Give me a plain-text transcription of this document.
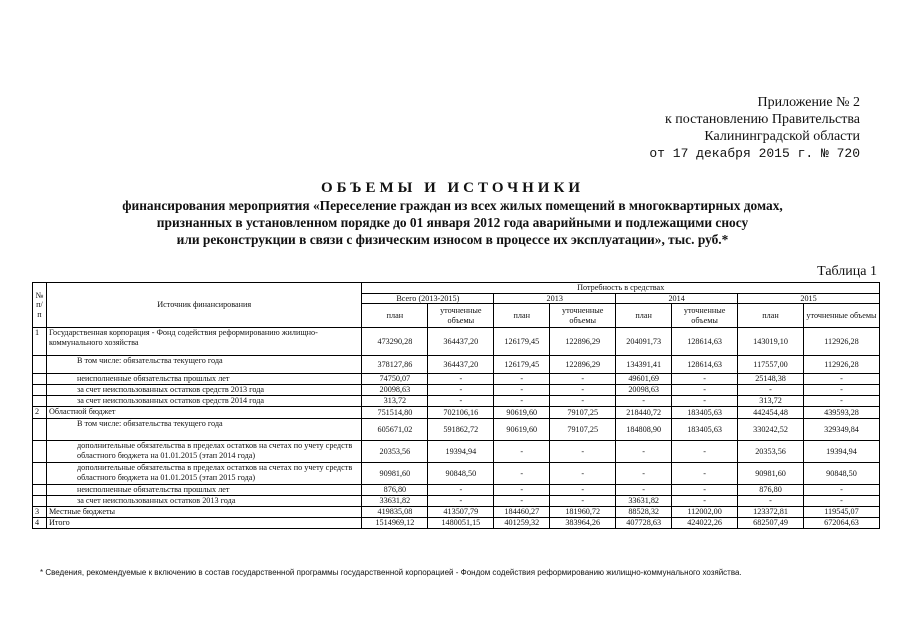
Приложение № 2
к постановлению Правительства
Калининградской области
от 17 декабря 2015 г. № 720
ОБЪЕМЫ И ИСТОЧНИКИ
финансирования мероприятия «Переселение граждан из всех жилых помещений в многоквартирных домах,
признанных в установленном порядке до 01 января 2012 года аварийными и подлежащими сносу
или реконструкции в связи с физическим износом в процессе их эксплуатации», тыс. руб.*
Таблица 1
№ п/п	Источник финансирования	Потребность в средствах							
		Всего (2013-2015)		2013		2014		2015	
		план	уточненные объемы	план	уточненные объемы	план	уточненные объемы	план	уточненные объемы
1	Государственная корпорация - Фонд содействия реформированию жилищно-коммунального хозяйства	473290,28	364437,20	126179,45	122896,29	204091,73	128614,63	143019,10	112926,28
	В том числе: обязательства текущего года	378127,86	364437,20	126179,45	122896,29	134391,41	128614,63	117557,00	112926,28
	неисполненные обязательства прошлых лет	74750,07	-	-	-	49601,69	-	25148,38	-
	за счет неиспользованных остатков средств 2013 года	20098,63	-	-	-	20098,63	-	-	-
	за счет неиспользованных остатков средств 2014 года	313,72	-	-	-	-	-	313,72	-
2	Областной бюджет	751514,80	702106,16	90619,60	79107,25	218440,72	183405,63	442454,48	439593,28
	В том числе: обязательства текущего года	605671,02	591862,72	90619,60	79107,25	184808,90	183405,63	330242,52	329349,84
	дополнительные обязательства в пределах остатков на счетах по учету средств областного бюджета на 01.01.2015 (этап 2014 года)	20353,56	19394,94	-	-	-	-	20353,56	19394,94
	дополнительные обязательства в пределах остатков на счетах по учету средств областного бюджета на 01.01.2015 (этап 2015 года)	90981,60	90848,50	-	-	-	-	90981,60	90848,50
	неисполненные обязательства прошлых лет	876,80	-	-	-	-	-	876,80	-
	за счет неиспользованных остатков 2013 года	33631,82	-	-	-	33631,82	-	-	-
3	Местные бюджеты	419835,08	413507,79	184460,27	181960,72	88528,32	112002,00	123372,81	119545,07
4	Итого	1514969,12	1480051,15	401259,32	383964,26	407728,63	424022,26	682507,49	672064,63
* Сведения, рекомендуемые к включению в состав государственной программы государственной корпорацией - Фондом содействия реформированию жилищно-коммунального хозяйства.
